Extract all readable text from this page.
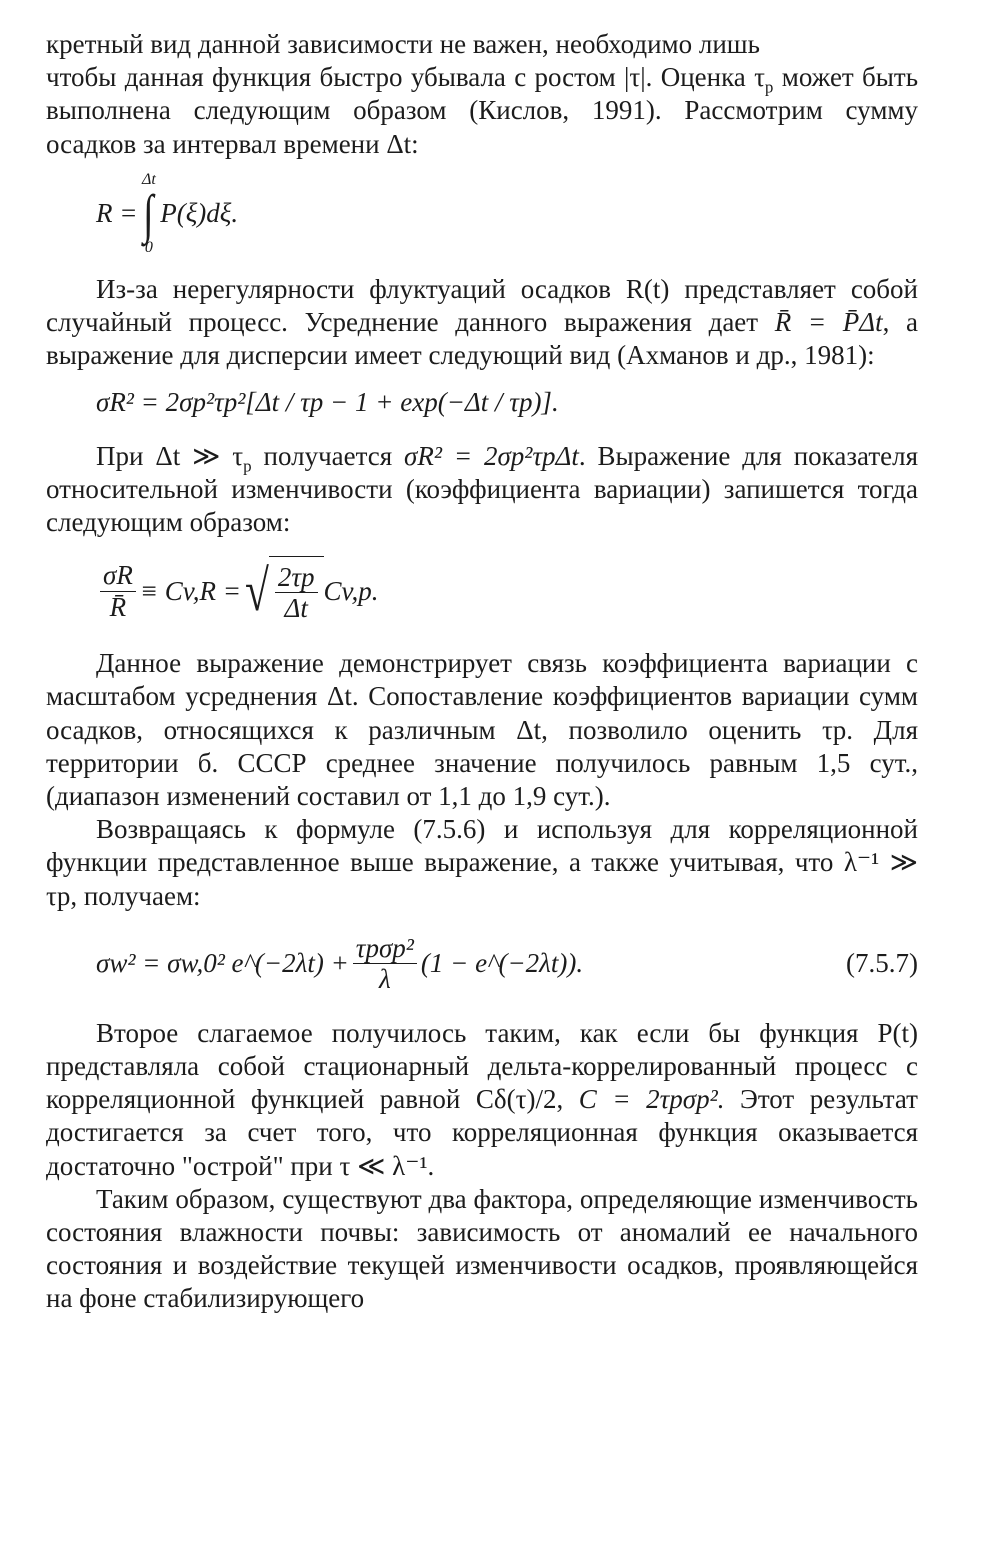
кретный вид данной зависимости не важен, необходимо лишь
чтобы данная функция быстро убывала с ростом |τ|. Оценка $\tau_p$ может быть выполнена следующим образом (Кислов, 1991). Рассмотрим сумму осадков за интервал времени Δt:

R =
Δt
∫
0
P(ξ)dξ.

Из-за нерегулярности флуктуаций осадков R(t) представляет собой случайный процесс. Усреднение данного выражения дает R̄ = P̄Δt, а выражение для дисперсии имеет следующий вид (Ахманов и др., 1981):

σR² = 2σp²τp²[Δt / τp − 1 + exp(−Δt / τp)].

При Δt ≫ $\tau_p$ получается σR² = 2σp²τpΔt. Выражение для показателя относительной изменчивости (коэффициента вариации) запишется тогда следующим образом:

$\frac{\sigma R}{R̄} \equiv Cv,R$ = √ $\frac{2\tau p}{\Delta t} Cv,p$.

Данное выражение демонстрирует связь коэффициента вариации с масштабом усреднения Δt. Сопоставление коэффициентов вариации сумм осадков, относящихся к различным Δt, позволило оценить τp. Для территории б. СССР среднее значение получилось равным 1,5 сут., (диапазон изменений составил от 1,1 до 1,9 сут.).

Возвращаясь к формуле (7.5.6) и используя для корреляционной функции представленное выше выражение, а также учитывая, что λ⁻¹ ≫ τp, получаем:

σw² = σw,0² e^(−2λt) + $\frac{\text{τpσp²}}{\lambda} (1$ − e^(−2λt)).	(7.5.7)

Второе слагаемое получилось таким, как если бы функция P(t) представляла собой стационарный дельта-коррелированный процесс с корреляционной функцией равной Cδ(τ)/2, C = 2τpσp². Этот результат достигается за счет того, что корреляционная функция оказывается достаточно "острой" при τ ≪ λ⁻¹.

Таким образом, существуют два фактора, определяющие изменчивость состояния влажности почвы: зависимость от аномалий ее начального состояния и воздействие текущей изменчивости осадков, проявляющейся на фоне стабилизирующего
